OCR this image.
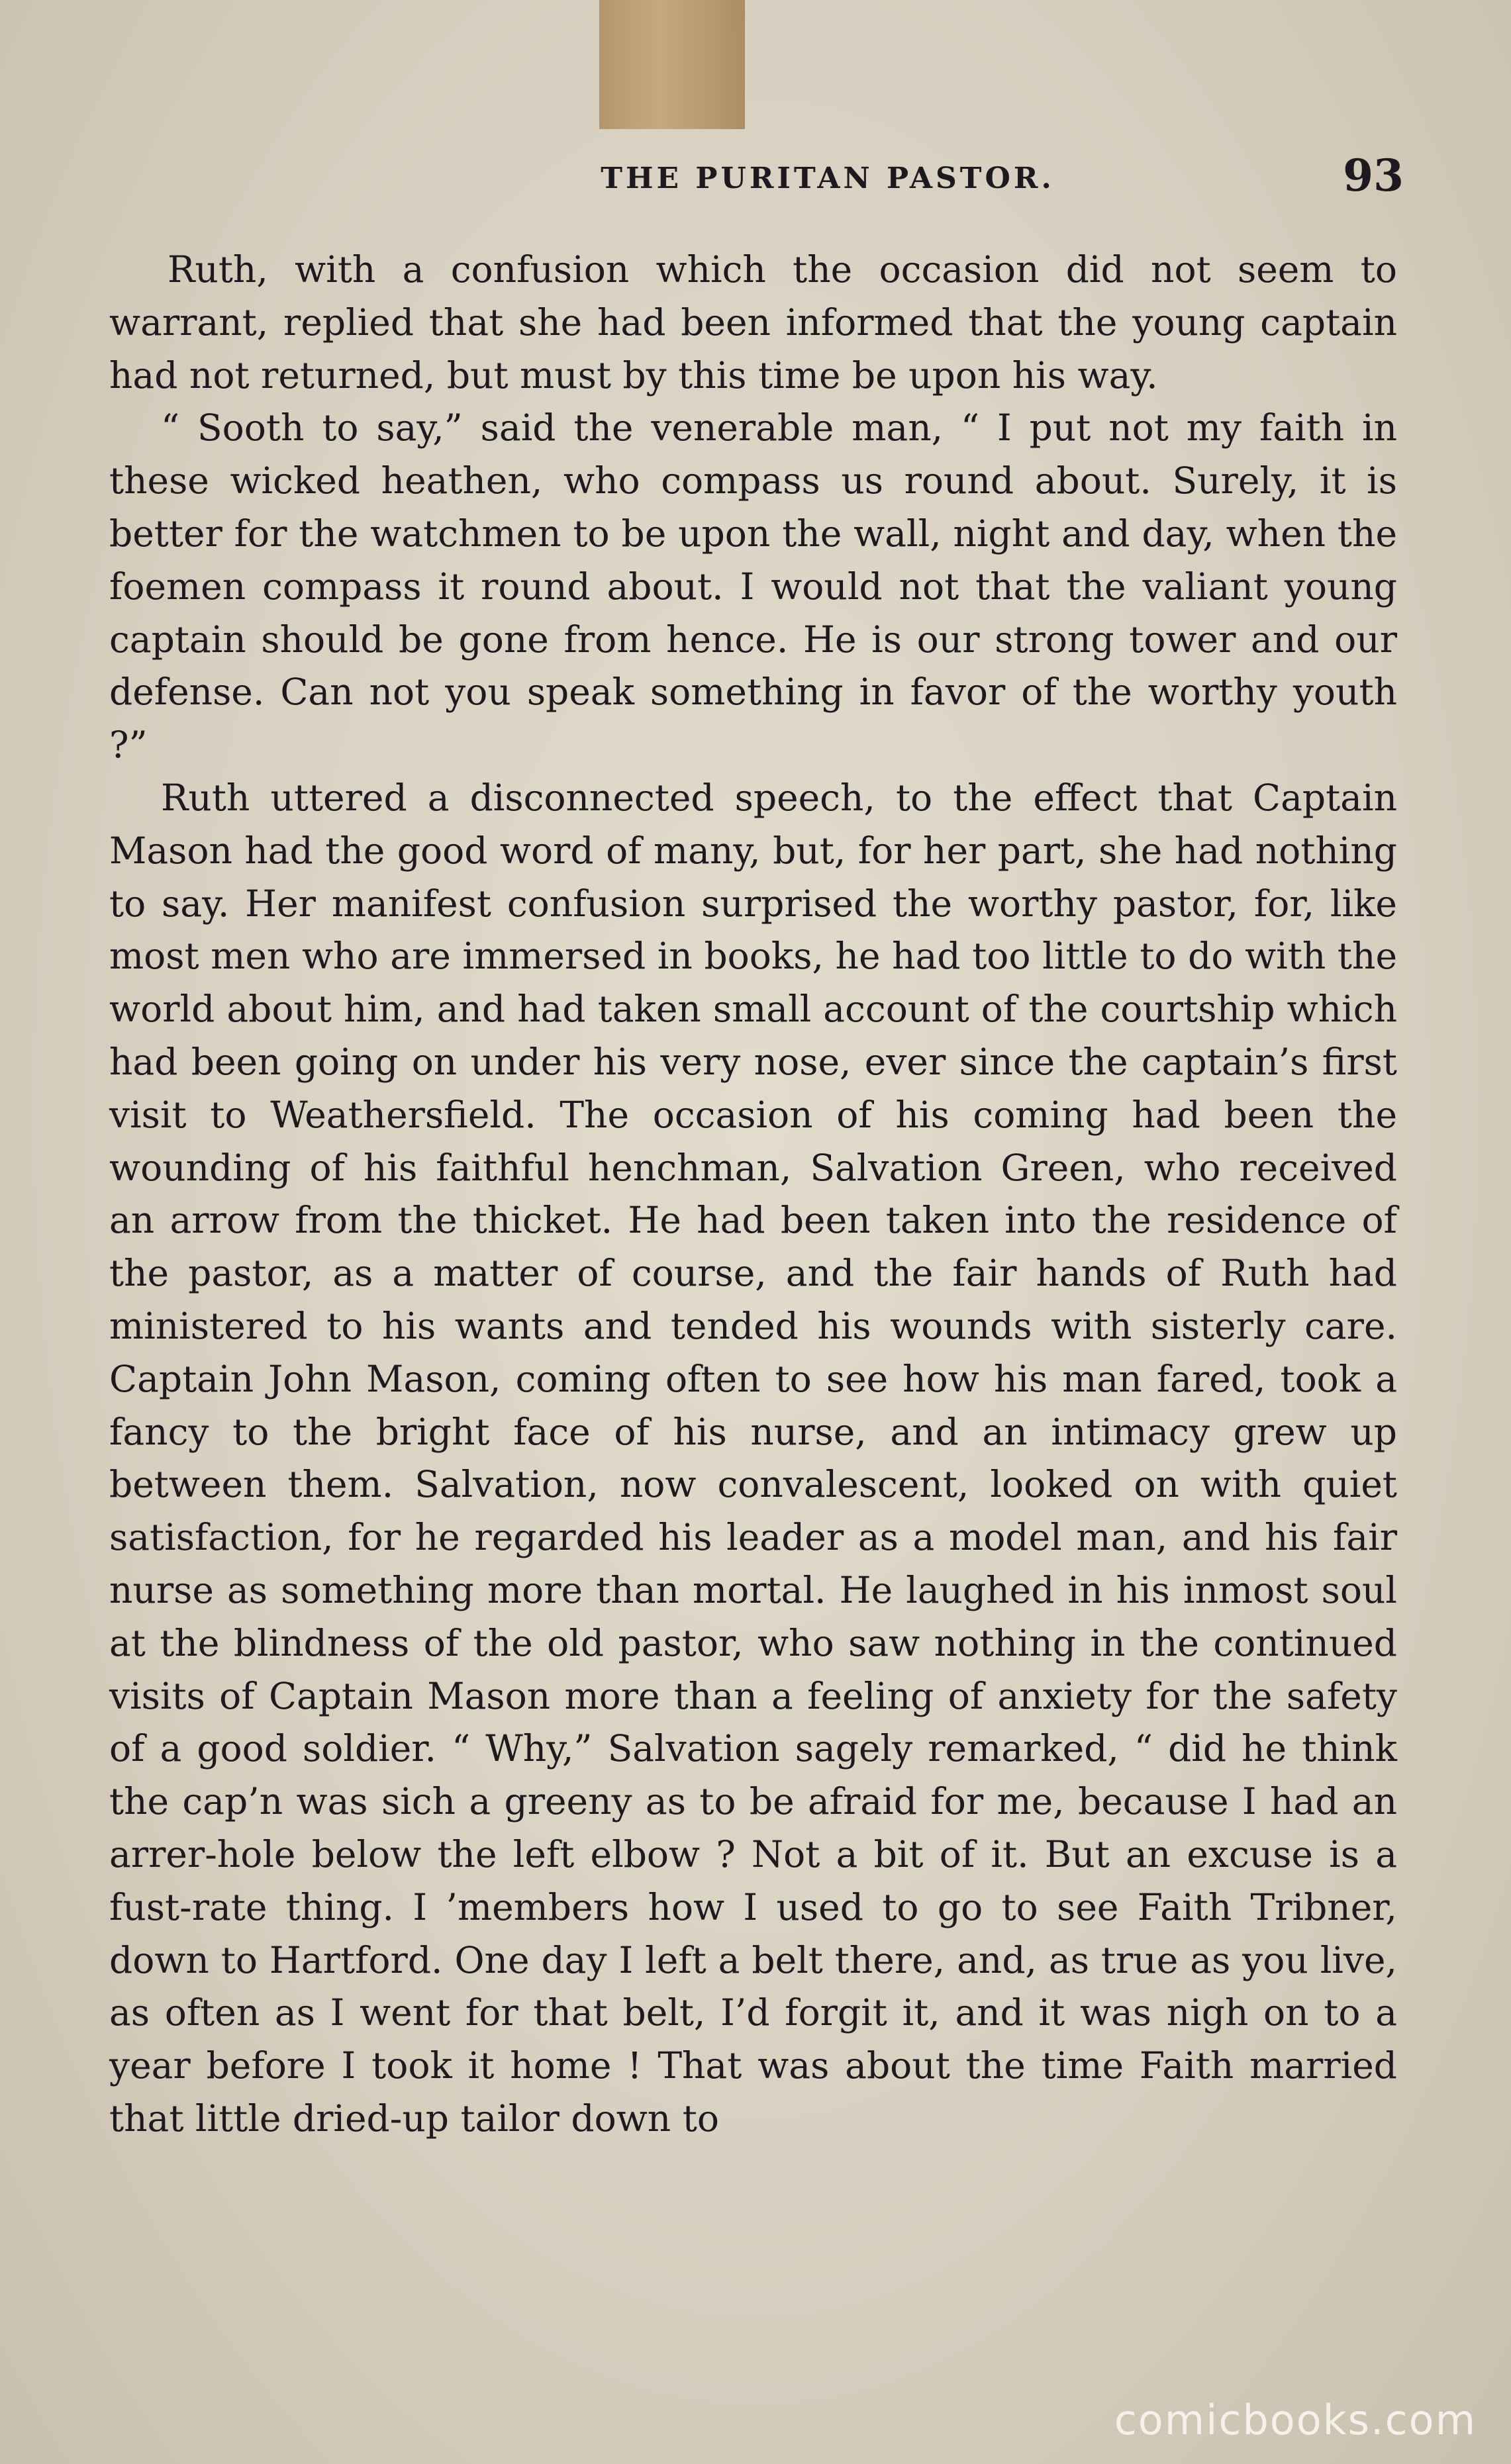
THE PURITAN PASTOR.	93

Ruth, with a confusion which the occasion did not seem to warrant, replied that she had been informed that the young captain had not returned, but must by this time be upon his way.

“ Sooth to say,” said the venerable man, “ I put not my faith in these wicked heathen, who compass us round about. Surely, it is better for the watchmen to be upon the wall, night and day, when the foemen compass it round about. I would not that the valiant young captain should be gone from hence. He is our strong tower and our defense. Can not you speak something in favor of the worthy youth ?”

Ruth uttered a disconnected speech, to the effect that Captain Mason had the good word of many, but, for her part, she had nothing to say. Her manifest confusion surprised the worthy pastor, for, like most men who are immersed in books, he had too little to do with the world about him, and had taken small account of the courtship which had been going on under his very nose, ever since the captain’s first visit to Weathersfield. The occasion of his coming had been the wounding of his faithful henchman, Salvation Green, who received an arrow from the thicket. He had been taken into the residence of the pastor, as a matter of course, and the fair hands of Ruth had ministered to his wants and tended his wounds with sisterly care. Captain John Mason, coming often to see how his man fared, took a fancy to the bright face of his nurse, and an intimacy grew up between them. Salvation, now convalescent, looked on with quiet satisfaction, for he regarded his leader as a model man, and his fair nurse as something more than mortal. He laughed in his inmost soul at the blindness of the old pastor, who saw nothing in the continued visits of Captain Mason more than a feeling of anxiety for the safety of a good soldier. “ Why,” Salvation sagely remarked, “ did he think the cap’n was sich a greeny as to be afraid for me, because I had an arrer-hole below the left elbow ? Not a bit of it. But an excuse is a fust-rate thing. I ’members how I used to go to see Faith Tribner, down to Hartford. One day I left a belt there, and, as true as you live, as often as I went for that belt, I’d forgit it, and it was nigh on to a year before I took it home ! That was about the time Faith married that little dried-up tailor down to

comicbooks.com
